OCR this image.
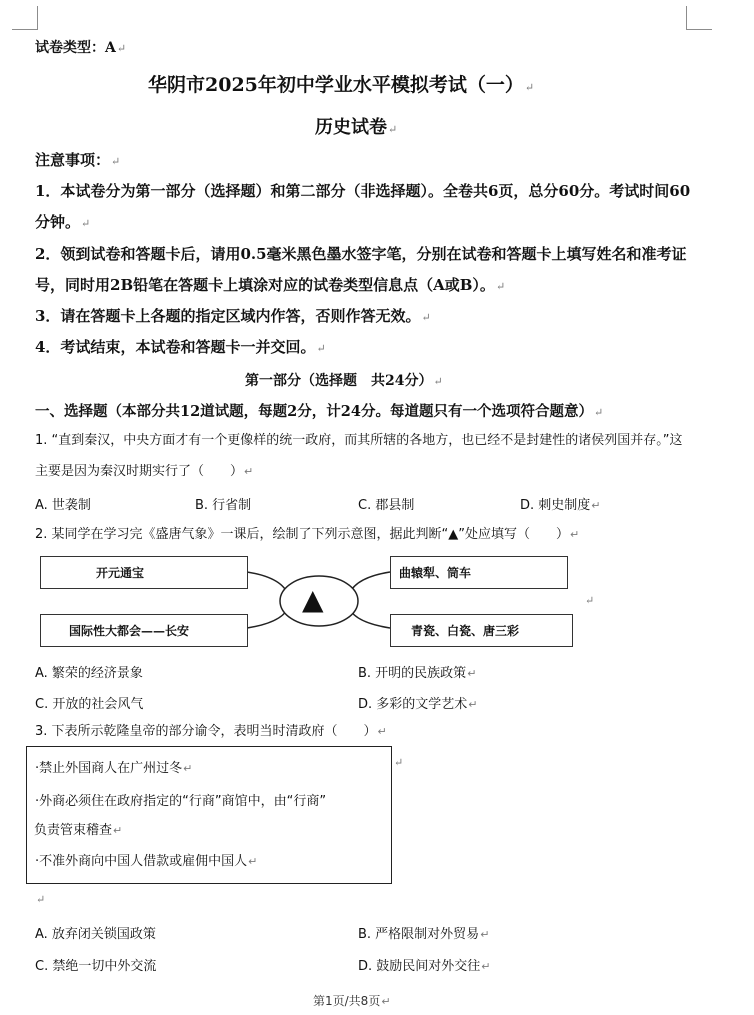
试卷类型：A↵
华阴市2025年初中学业水平模拟考试（一）↵
历史试卷↵
注意事项：↵
1．本试卷分为第一部分（选择题）和第二部分（非选择题）。全卷共6页，总分60分。考试时间60分钟。↵
2．领到试卷和答题卡后，请用0.5毫米黑色墨水签字笔，分别在试卷和答题卡上填写姓名和准考证号，同时用2B铅笔在答题卡上填涂对应的试卷类型信息点（A或B）。↵
3．请在答题卡上各题的指定区域内作答，否则作答无效。↵
4．考试结束，本试卷和答题卡一并交回。↵
第一部分（选择题　共24分）↵
一、选择题（本部分共12道试题，每题2分，计24分。每道题只有一个选项符合题意）↵
1. “直到秦汉，中央方面才有一个更像样的统一政府，而其所辖的各地方，也已经不是封建性的诸侯列国并存。”这主要是因为秦汉时期实行了（　　）↵
A. 世袭制	B. 行省制	C. 郡县制	D. 刺史制度↵
2. 某同学在学习完《盛唐气象》一课后，绘制了下列示意图，据此判断“▲”处应填写（　　）↵
开元通宝
国际性大都会——长安
曲辕犁、筒车
青瓷、白瓷、唐三彩
▲	↵
A. 繁荣的经济景象	B. 开明的民族政策↵
C. 开放的社会风气	D. 多彩的文学艺术↵
3. 下表所示乾隆皇帝的部分谕令，表明当时清政府（　　）↵
·禁止外国商人在广州过冬↵
·外商必须住在政府指定的“行商”商馆中，由“行商”
负责管束稽查↵
·不准外商向中国人借款或雇佣中国人↵
↵
↵
A. 放弃闭关锁国政策	B. 严格限制对外贸易↵
C. 禁绝一切中外交流	D. 鼓励民间对外交往↵
第1页/共8页↵
